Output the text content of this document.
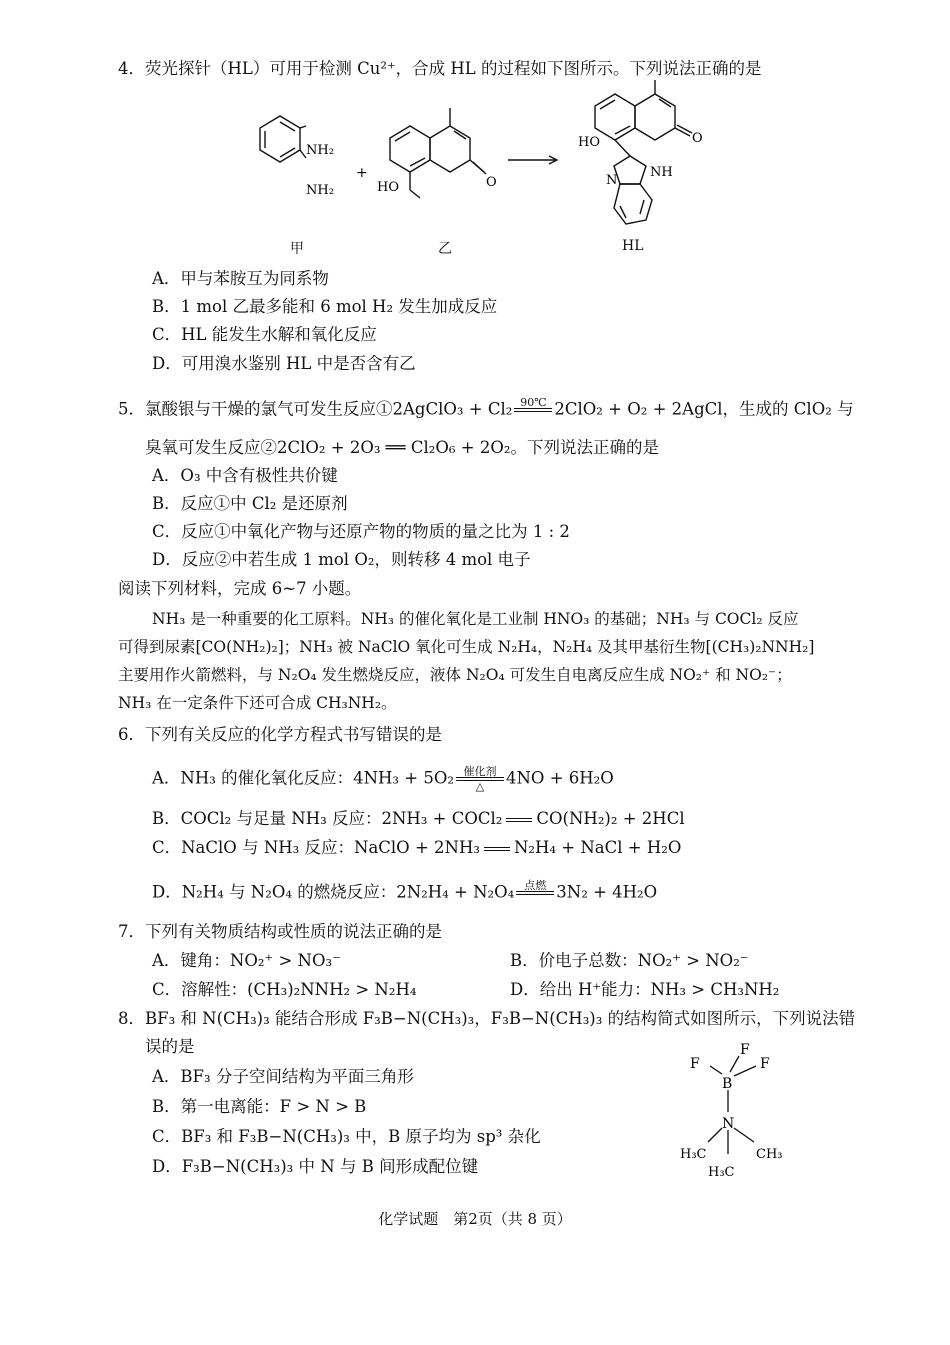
4．荧光探针（HL）可用于检测 Cu²⁺，合成 HL 的过程如下图所示。下列说法正确的是
NH₂
NH₂
+
HO	O
HO	O
N
NH
甲	乙	HL
A．甲与苯胺互为同系物
B．1 mol 乙最多能和 6 mol H₂ 发生加成反应
C．HL 能发生水解和氧化反应
D．可用溴水鉴别 HL 中是否含有乙
5．氯酸银与干燥的氯气可发生反应①2AgClO₃ + Cl₂ 90℃ 2ClO₂ + O₂ + 2AgCl，生成的 ClO₂ 与
臭氧可发生反应②2ClO₂ + 2O₃ ══ Cl₂O₆ + 2O₂。下列说法正确的是
A．O₃ 中含有极性共价键
B．反应①中 Cl₂ 是还原剂
C．反应①中氧化产物与还原产物的物质的量之比为 1 : 2
D．反应②中若生成 1 mol O₂，则转移 4 mol 电子
阅读下列材料，完成 6~7 小题。
NH₃ 是一种重要的化工原料。NH₃ 的催化氧化是工业制 HNO₃ 的基础；NH₃ 与 COCl₂ 反应
可得到尿素[CO(NH₂)₂]；NH₃ 被 NaClO 氧化可生成 N₂H₄，N₂H₄ 及其甲基衍生物[(CH₃)₂NNH₂]
主要用作火箭燃料，与 N₂O₄ 发生燃烧反应，液体 N₂O₄ 可发生自电离反应生成 NO₂⁺ 和 NO₂⁻；
NH₃ 在一定条件下还可合成 CH₃NH₂。
6．下列有关反应的化学方程式书写错误的是
A．NH₃ 的催化氧化反应：4NH₃ + 5O₂ 催化剂
△	4NO + 6H₂O
B．COCl₂ 与足量 NH₃ 反应：2NH₃ + COCl₂ CO(NH₂)₂ + 2HCl
C．NaClO 与 NH₃ 反应：NaClO + 2NH₃ N₂H₄ + NaCl + H₂O
D．N₂H₄ 与 N₂O₄ 的燃烧反应：2N₂H₄ + N₂O₄ 点燃 3N₂ + 4H₂O
7．下列有关物质结构或性质的说法正确的是
A．键角：NO₂⁺ > NO₃⁻	B．价电子总数：NO₂⁺ > NO₂⁻
C．溶解性：(CH₃)₂NNH₂ > N₂H₄	D．给出 H⁺能力：NH₃ > CH₃NH₂
8．BF₃ 和 N(CH₃)₃ 能结合形成 F₃B−N(CH₃)₃，F₃B−N(CH₃)₃ 的结构简式如图所示，下列说法错
误的是
A．BF₃ 分子空间结构为平面三角形
B．第一电离能：F > N > B
C．BF₃ 和 F₃B−N(CH₃)₃ 中，B 原子均为 sp³ 杂化
D．F₃B−N(CH₃)₃ 中 N 与 B 间形成配位键
F
F
F
B
N
H₃C	CH₃
H₃C
化学试题　第2页（共 8 页）
